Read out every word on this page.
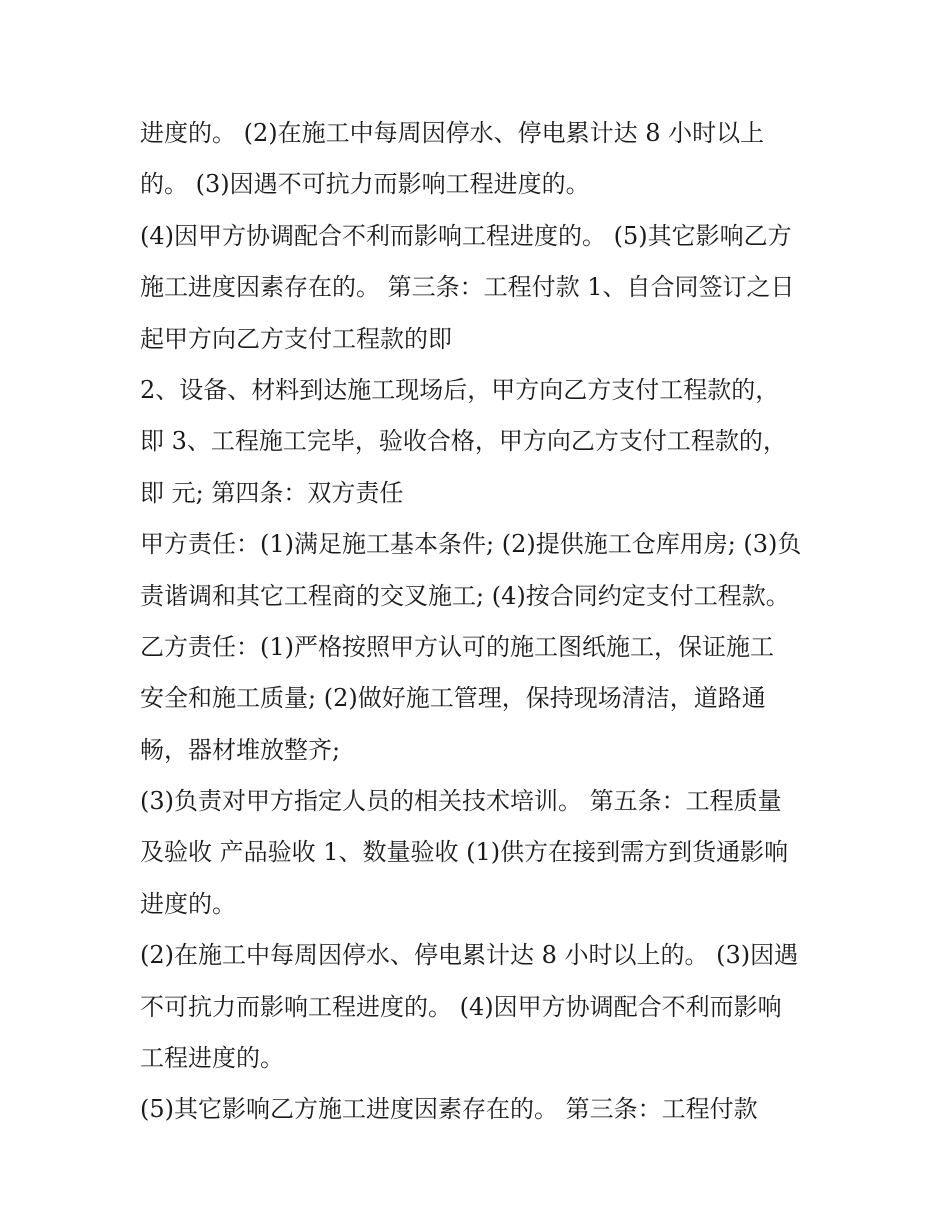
进度的。 (2)在施工中每周因停水、停电累计达 8 小时以上
的。 (3)因遇不可抗力而影响工程进度的。
(4)因甲方协调配合不利而影响工程进度的。 (5)其它影响乙方
施工进度因素存在的。 第三条：工程付款 1、自合同签订之日
起甲方向乙方支付工程款的即
2、设备、材料到达施工现场后，甲方向乙方支付工程款的，
即 3、工程施工完毕，验收合格，甲方向乙方支付工程款的，
即 元; 第四条：双方责任
甲方责任：(1)满足施工基本条件; (2)提供施工仓库用房; (3)负
责谐调和其它工程商的交叉施工; (4)按合同约定支付工程款。
乙方责任：(1)严格按照甲方认可的施工图纸施工，保证施工
安全和施工质量; (2)做好施工管理，保持现场清洁，道路通
畅，器材堆放整齐;
(3)负责对甲方指定人员的相关技术培训。 第五条：工程质量
及验收 产品验收 1、数量验收 (1)供方在接到需方到货通影响
进度的。
(2)在施工中每周因停水、停电累计达 8 小时以上的。 (3)因遇
不可抗力而影响工程进度的。 (4)因甲方协调配合不利而影响
工程进度的。
(5)其它影响乙方施工进度因素存在的。 第三条：工程付款
